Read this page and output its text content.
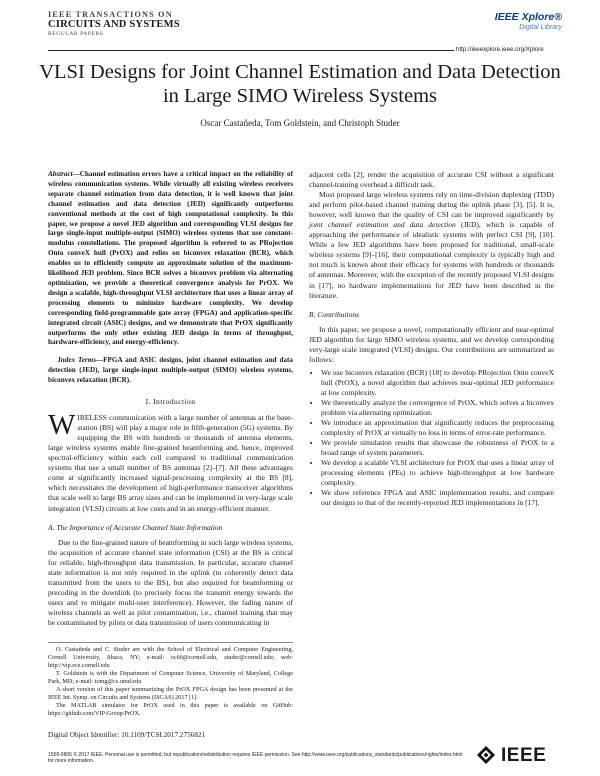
IEEE TRANSACTIONS ON
CIRCUITS AND SYSTEMS
REGULAR PAPERS
IEEE Xplore®
Digital Library
http://ieeexplore.ieee.org/Xplore
VLSI Designs for Joint Channel Estimation and Data Detection in Large SIMO Wireless Systems
Oscar Castañeda, Tom Goldstein, and Christoph Studer

Abstract—Channel estimation errors have a critical impact on the reliability of wireless communication systems. While virtually all existing wireless receivers separate channel estimation from data detection, it is well known that joint channel estimation and data detection (JED) significantly outperforms conventional methods at the cost of high computational complexity. In this paper, we propose a novel JED algorithm and corresponding VLSI designs for large single-input multiple-output (SIMO) wireless systems that use constant-modulus constellations. The proposed algorithm is referred to as PRojection Onto conveX hull (PrOX) and relies on biconvex relaxation (BCR), which enables us to efficiently compute an approximate solution of the maximum-likelihood JED problem. Since BCR solves a biconvex problem via alternating optimization, we provide a theoretical convergence analysis for PrOX. We design a scalable, high-throughput VLSI architecture that uses a linear array of processing elements to minimize hardware complexity. We develop corresponding field-programmable gate array (FPGA) and application-specific integrated circuit (ASIC) designs, and we demonstrate that PrOX significantly outperforms the only other existing JED design in terms of throughput, hardware-efficiency, and energy-efficiency.

Index Terms—FPGA and ASIC designs, joint channel estimation and data detection (JED), large single-input multiple-output (SIMO) wireless systems, biconvex relaxation (BCR).

I. Introduction

WIRELESS communication with a large number of antennas at the base-station (BS) will play a major role in fifth-generation (5G) systems. By equipping the BS with hundreds or thousands of antenna elements, large wireless systems enable fine-grained beamforming and, hence, improved spectral-efficiency within each cell compared to traditional communication systems that use a small number of BS antennas [2]–[7]. All these advantages come at significantly increased signal-processing complexity at the BS [8], which necessitates the development of high-performance transceiver algorithms that scale well to large BS array sizes and can be implemented in very-large scale integration (VLSI) circuits at low costs and in an energy-efficient manner.

A. The Importance of Accurate Channel State Information

Due to the fine-grained nature of beamforming in such large wireless systems, the acquisition of accurate channel state information (CSI) at the BS is critical for reliable, high-throughput data transmission. In particular, accurate channel state information is not only required in the uplink (to coherently detect data transmitted from the users to the BS), but also required for beamforming or precoding in the downlink (to precisely focus the transmit energy towards the users and to mitigate multi-user interference). However, the fading nature of wireless channels as well as pilot contamination, i.e., channel training that may be contaminated by pilots or data transmission of users communicating in

O. Castañeda and C. Studer are with the School of Electrical and Computer Engineering, Cornell University, Ithaca, NY; e-mail: oc66@cornell.edu, studer@cornell.edu; web: http://vip.ece.cornell.edu

T. Goldstein is with the Department of Computer Science, University of Maryland, College Park, MD; e-mail: tomg@cs.umd.edu

A short version of this paper summarizing the PrOX FPGA design has been presented at the IEEE Int. Symp. on Circuits and Systems (ISCAS) 2017 [1].

The MATLAB simulator for PrOX used in this paper is available on GitHub: https://github.com/VIP-Group/PrOX.

Digital Object Identifier: 10.1109/TCSI.2017.2756821
1558-0806 © 2017 IEEE. Personal use is permitted, but republication/redistribution requires IEEE permission. See http://www.ieee.org/publications_standards/publications/rights/index.html for more information.	IEEE

adjacent cells [2], render the acquisition of accurate CSI without a significant channel-training overhead a difficult task.

Most proposed large wireless systems rely on time-division duplexing (TDD) and perform pilot-based channel training during the uplink phase [3], [5]. It is, however, well known that the quality of CSI can be improved significantly by joint channel estimation and data detection (JED), which is capable of approaching the performance of idealistic systems with perfect CSI [9], [10]. While a few JED algorithms have been proposed for traditional, small-scale wireless systems [9]–[16], their computational complexity is typically high and not much is known about their efficacy for systems with hundreds or thousands of antennas. Moreover, with the exception of the recently proposed VLSI designs in [17], no hardware implementations for JED have been described in the literature.

B. Contributions

In this paper, we propose a novel, computationally efficient and near-optimal JED algorithm for large SIMO wireless systems, and we develop corresponding very-large scale integrated (VLSI) designs. Our contributions are summarized as follows:

• We use biconvex relaxation (BCR) [18] to develop PRojection Onto conveX hull (PrOX), a novel algorithm that achieves near-optimal JED performance at low complexity.
• We theoretically analyze the convergence of PrOX, which solves a biconvex problem via alternating optimization.
• We introduce an approximation that significantly reduces the preprocessing complexity of PrOX at virtually no loss in terms of error-rate performance.
• We provide simulation results that showcase the robustness of PrOX to a broad range of system parameters.
• We develop a scalable VLSI architecture for PrOX that uses a linear array of processing elements (PEs) to achieve high-throughput at low hardware complexity.
• We show reference FPGA and ASIC implementation results, and compare our designs to that of the recently-reported JED implementations in [17].
